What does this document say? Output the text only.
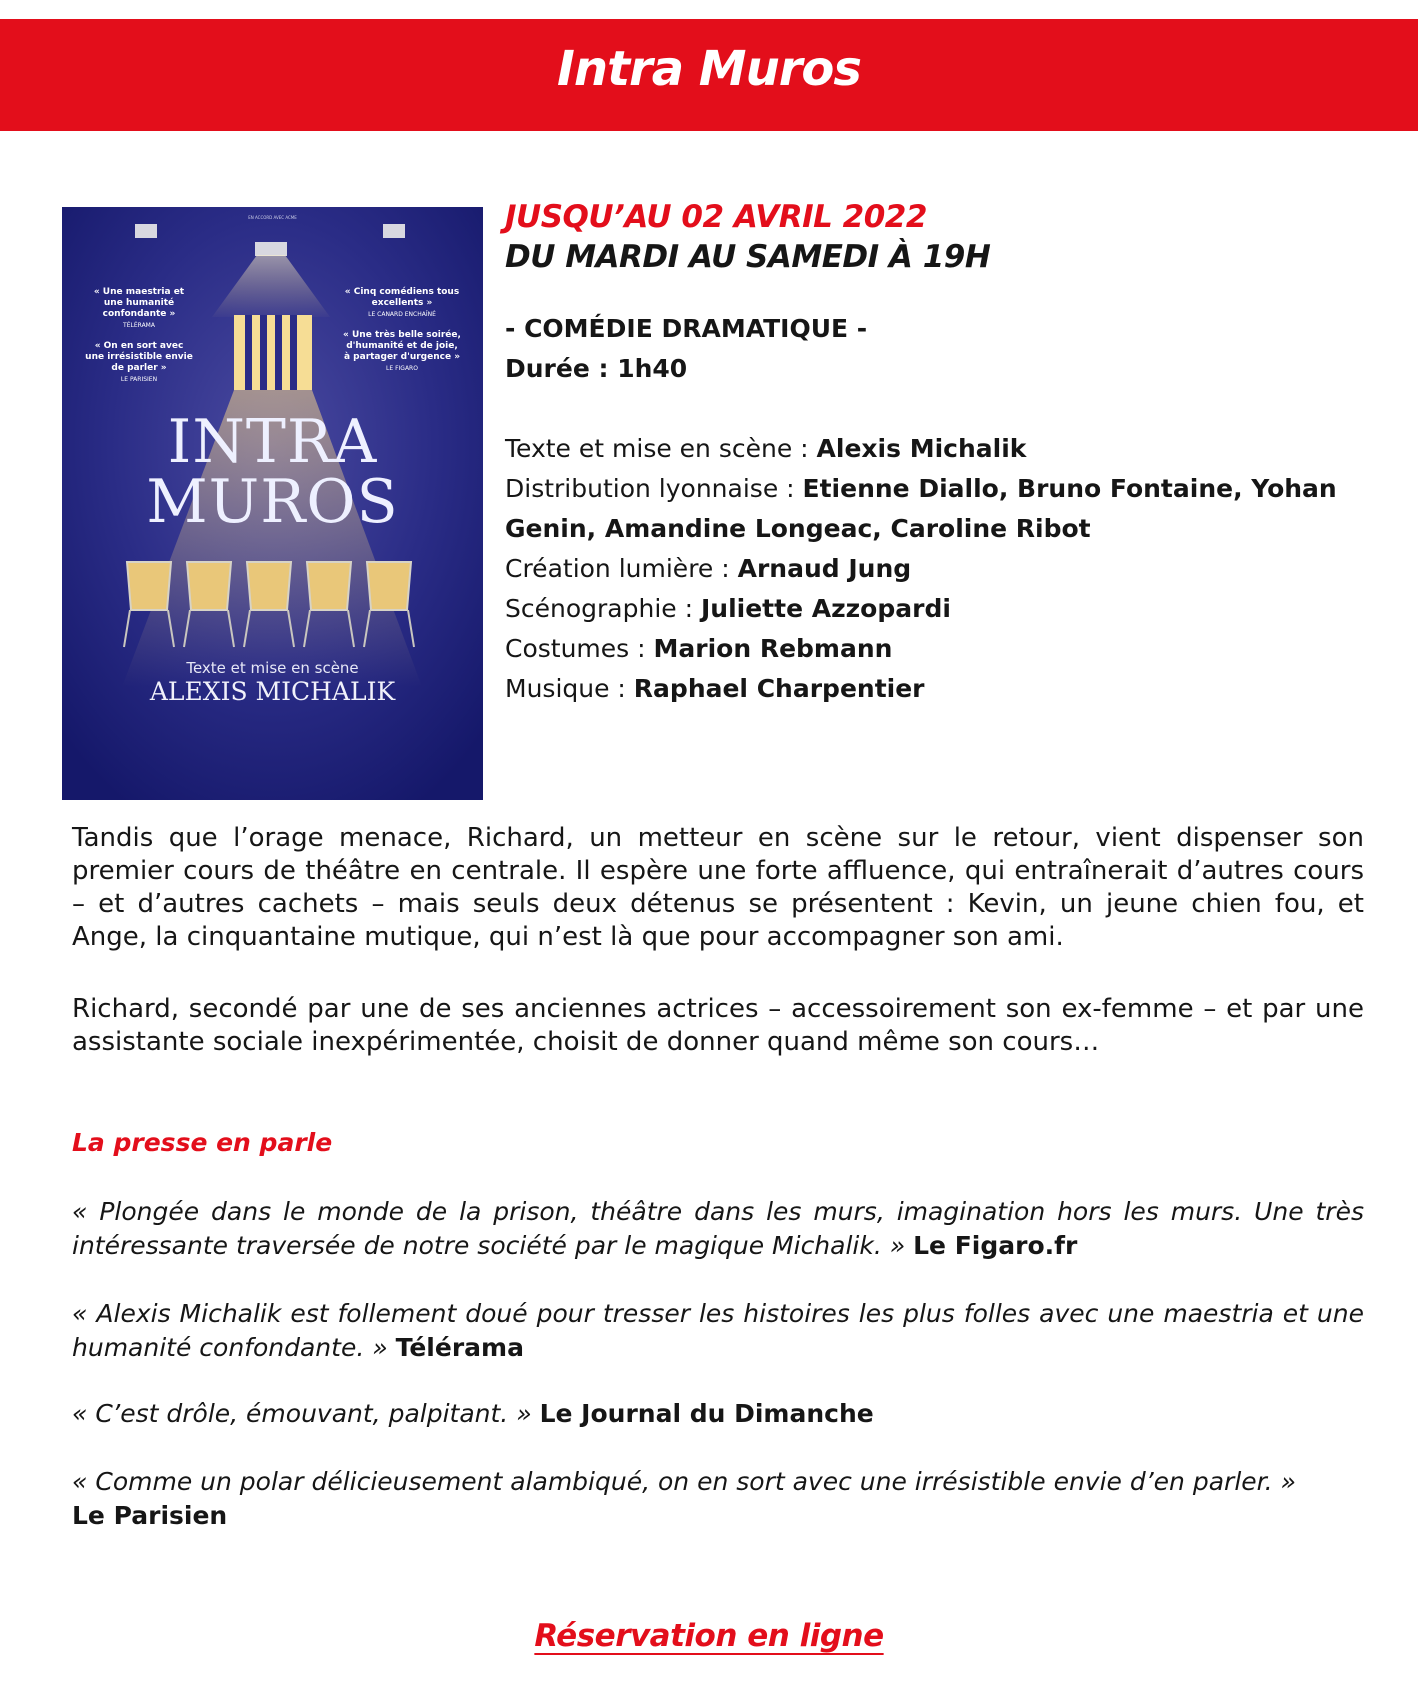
Intra Muros
EN ACCORD AVEC ACME
« Une maestria et une humanité confondante »
TÉLÉRAMA
« On en sort avec une irrésistible envie de parler »
LE PARISIEN
« Cinq comédiens tous excellents »
LE CANARD ENCHAÎNÉ
« Une très belle soirée, d'humanité et de joie, à partager d'urgence »
LE FIGARO
INTRA
MUROS
Texte et mise en scène
ALEXIS MICHALIK
JUSQU’AU 02 AVRIL 2022
DU MARDI AU SAMEDI À 19H
- COMÉDIE DRAMATIQUE -
Durée : 1h40
Texte et mise en scène : Alexis Michalik
Distribution lyonnaise : Etienne Diallo, Bruno Fontaine, Yohan Genin, Amandine Longeac, Caroline Ribot
Création lumière : Arnaud Jung
Scénographie : Juliette Azzopardi
Costumes : Marion Rebmann
Musique : Raphael Charpentier
Tandis que l’orage menace, Richard, un metteur en scène sur le retour, vient dispenser son premier cours de théâtre en centrale. Il espère une forte affluence, qui entraînerait d’autres cours – et d’autres cachets – mais seuls deux détenus se présentent : Kevin, un jeune chien fou, et Ange, la cinquantaine mutique, qui n’est là que pour accompagner son ami.
Richard, secondé par une de ses anciennes actrices – accessoirement son ex-femme – et par une assistante sociale inexpérimentée, choisit de donner quand même son cours…
La presse en parle
« Plongée dans le monde de la prison, théâtre dans les murs, imagination hors les murs. Une très intéressante traversée de notre société par le magique Michalik. » Le Figaro.fr
« Alexis Michalik est follement doué pour tresser les histoires les plus folles avec une maestria et une humanité confondante. » Télérama
« C’est drôle, émouvant, palpitant. » Le Journal du Dimanche
« Comme un polar délicieusement alambiqué, on en sort avec une irrésistible envie d’en parler. »
Le Parisien
Réservation en ligne
